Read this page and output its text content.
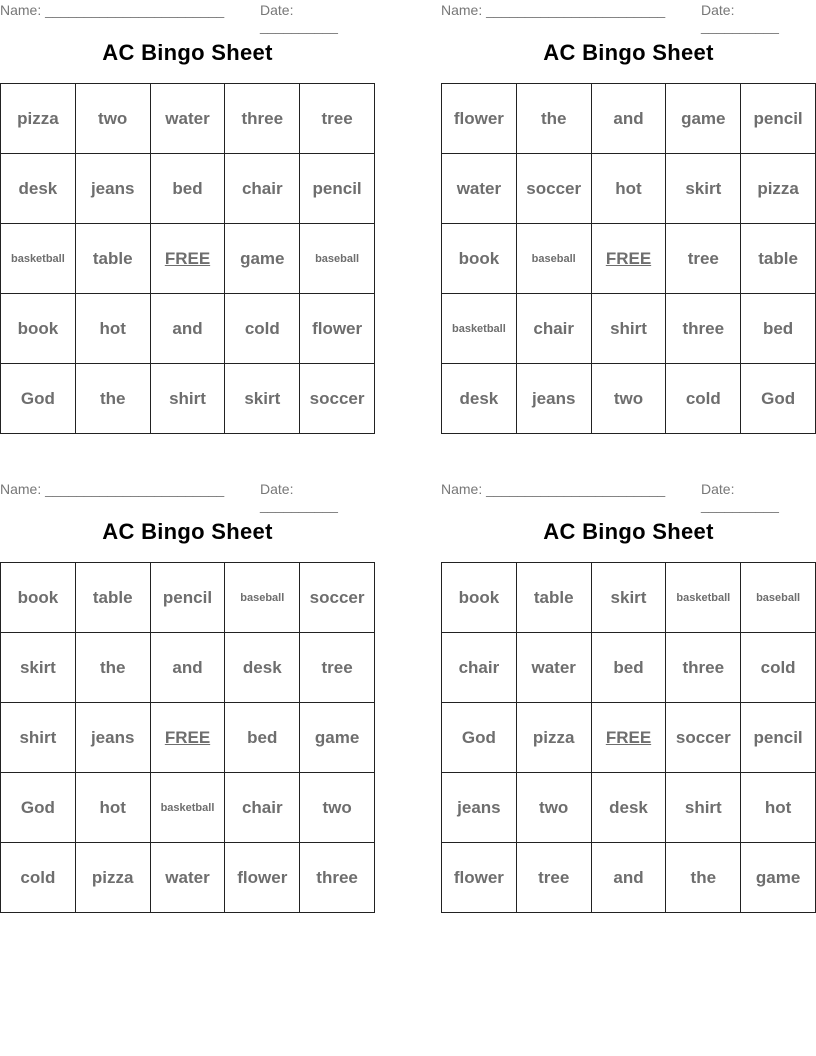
Name: _______________________	Date: __________
AC Bingo Sheet
pizza	two	water	three	tree
desk	jeans	bed	chair	pencil
basketball	table	FREE	game	baseball
book	hot	and	cold	flower
God	the	shirt	skirt	soccer
Name: _______________________	Date: __________
AC Bingo Sheet
flower	the	and	game	pencil
water	soccer	hot	skirt	pizza
book	baseball	FREE	tree	table
basketball	chair	shirt	three	bed
desk	jeans	two	cold	God
Name: _______________________	Date: __________
AC Bingo Sheet
book	table	pencil	baseball	soccer
skirt	the	and	desk	tree
shirt	jeans	FREE	bed	game
God	hot	basketball	chair	two
cold	pizza	water	flower	three
Name: _______________________	Date: __________
AC Bingo Sheet
book	table	skirt	basketball	baseball
chair	water	bed	three	cold
God	pizza	FREE	soccer	pencil
jeans	two	desk	shirt	hot
flower	tree	and	the	game
